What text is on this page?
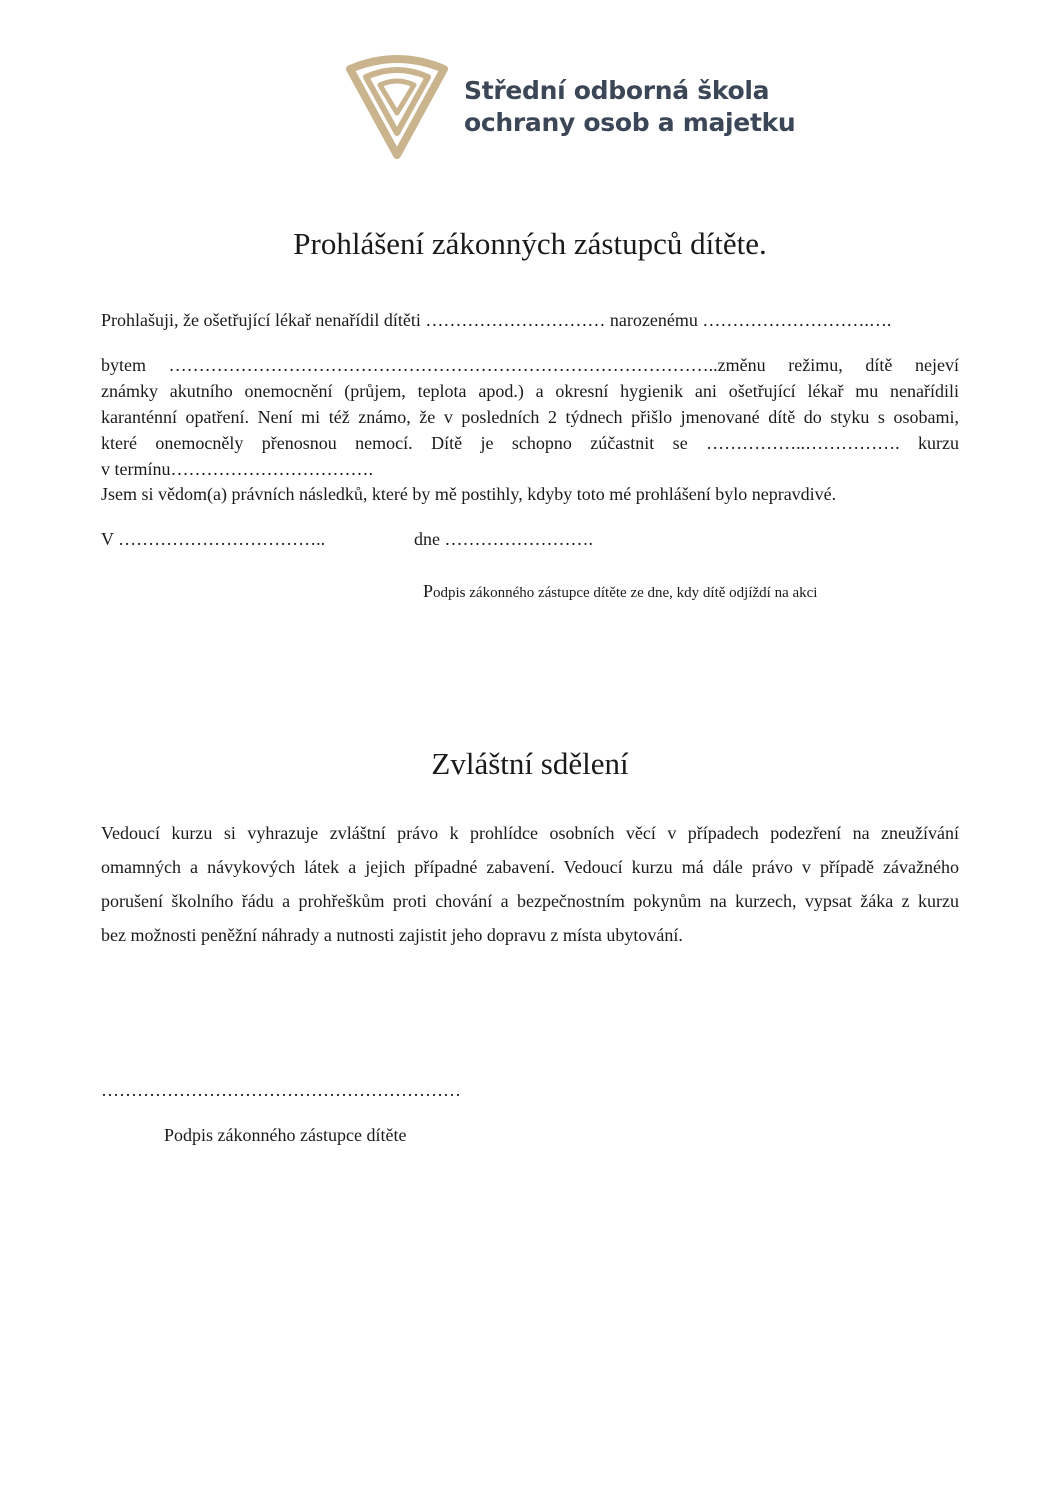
Střední odborná škola
ochrany osob a majetku
Prohlášení zákonných zástupců dítěte.
Prohlašuji, že ošetřující lékař nenařídil dítěti ………………………… narozenému ……………………….….
bytem ………………………………………………………………………………..změnu režimu, dítě nejeví
známky akutního onemocnění (průjem, teplota apod.) a okresní hygienik ani ošetřující lékař mu nenařídili
karanténní opatření. Není mi též známo, že v posledních 2 týdnech přišlo jmenované dítě do styku s osobami,
které onemocněly přenosnou nemocí. Dítě je schopno zúčastnit se ……………..……………. kurzu
v termínu…………………………….
Jsem si vědom(a) právních následků, které by mě postihly, kdyby toto mé prohlášení bylo nepravdivé.
V ……………………………..	dne …………………….
Podpis zákonného zástupce dítěte ze dne, kdy dítě odjíždí na akci
Zvláštní sdělení
Vedoucí kurzu si vyhrazuje zvláštní právo k prohlídce osobních věcí v případech podezření na zneužívání
omamných a návykových látek a jejich případné zabavení. Vedoucí kurzu má dále právo v případě závažného
porušení školního řádu a prohřeškům proti chování a bezpečnostním pokynům na kurzech, vypsat žáka z kurzu
bez možnosti peněžní náhrady a nutnosti zajistit jeho dopravu z místa ubytování.
……………………………………………………
Podpis zákonného zástupce dítěte
